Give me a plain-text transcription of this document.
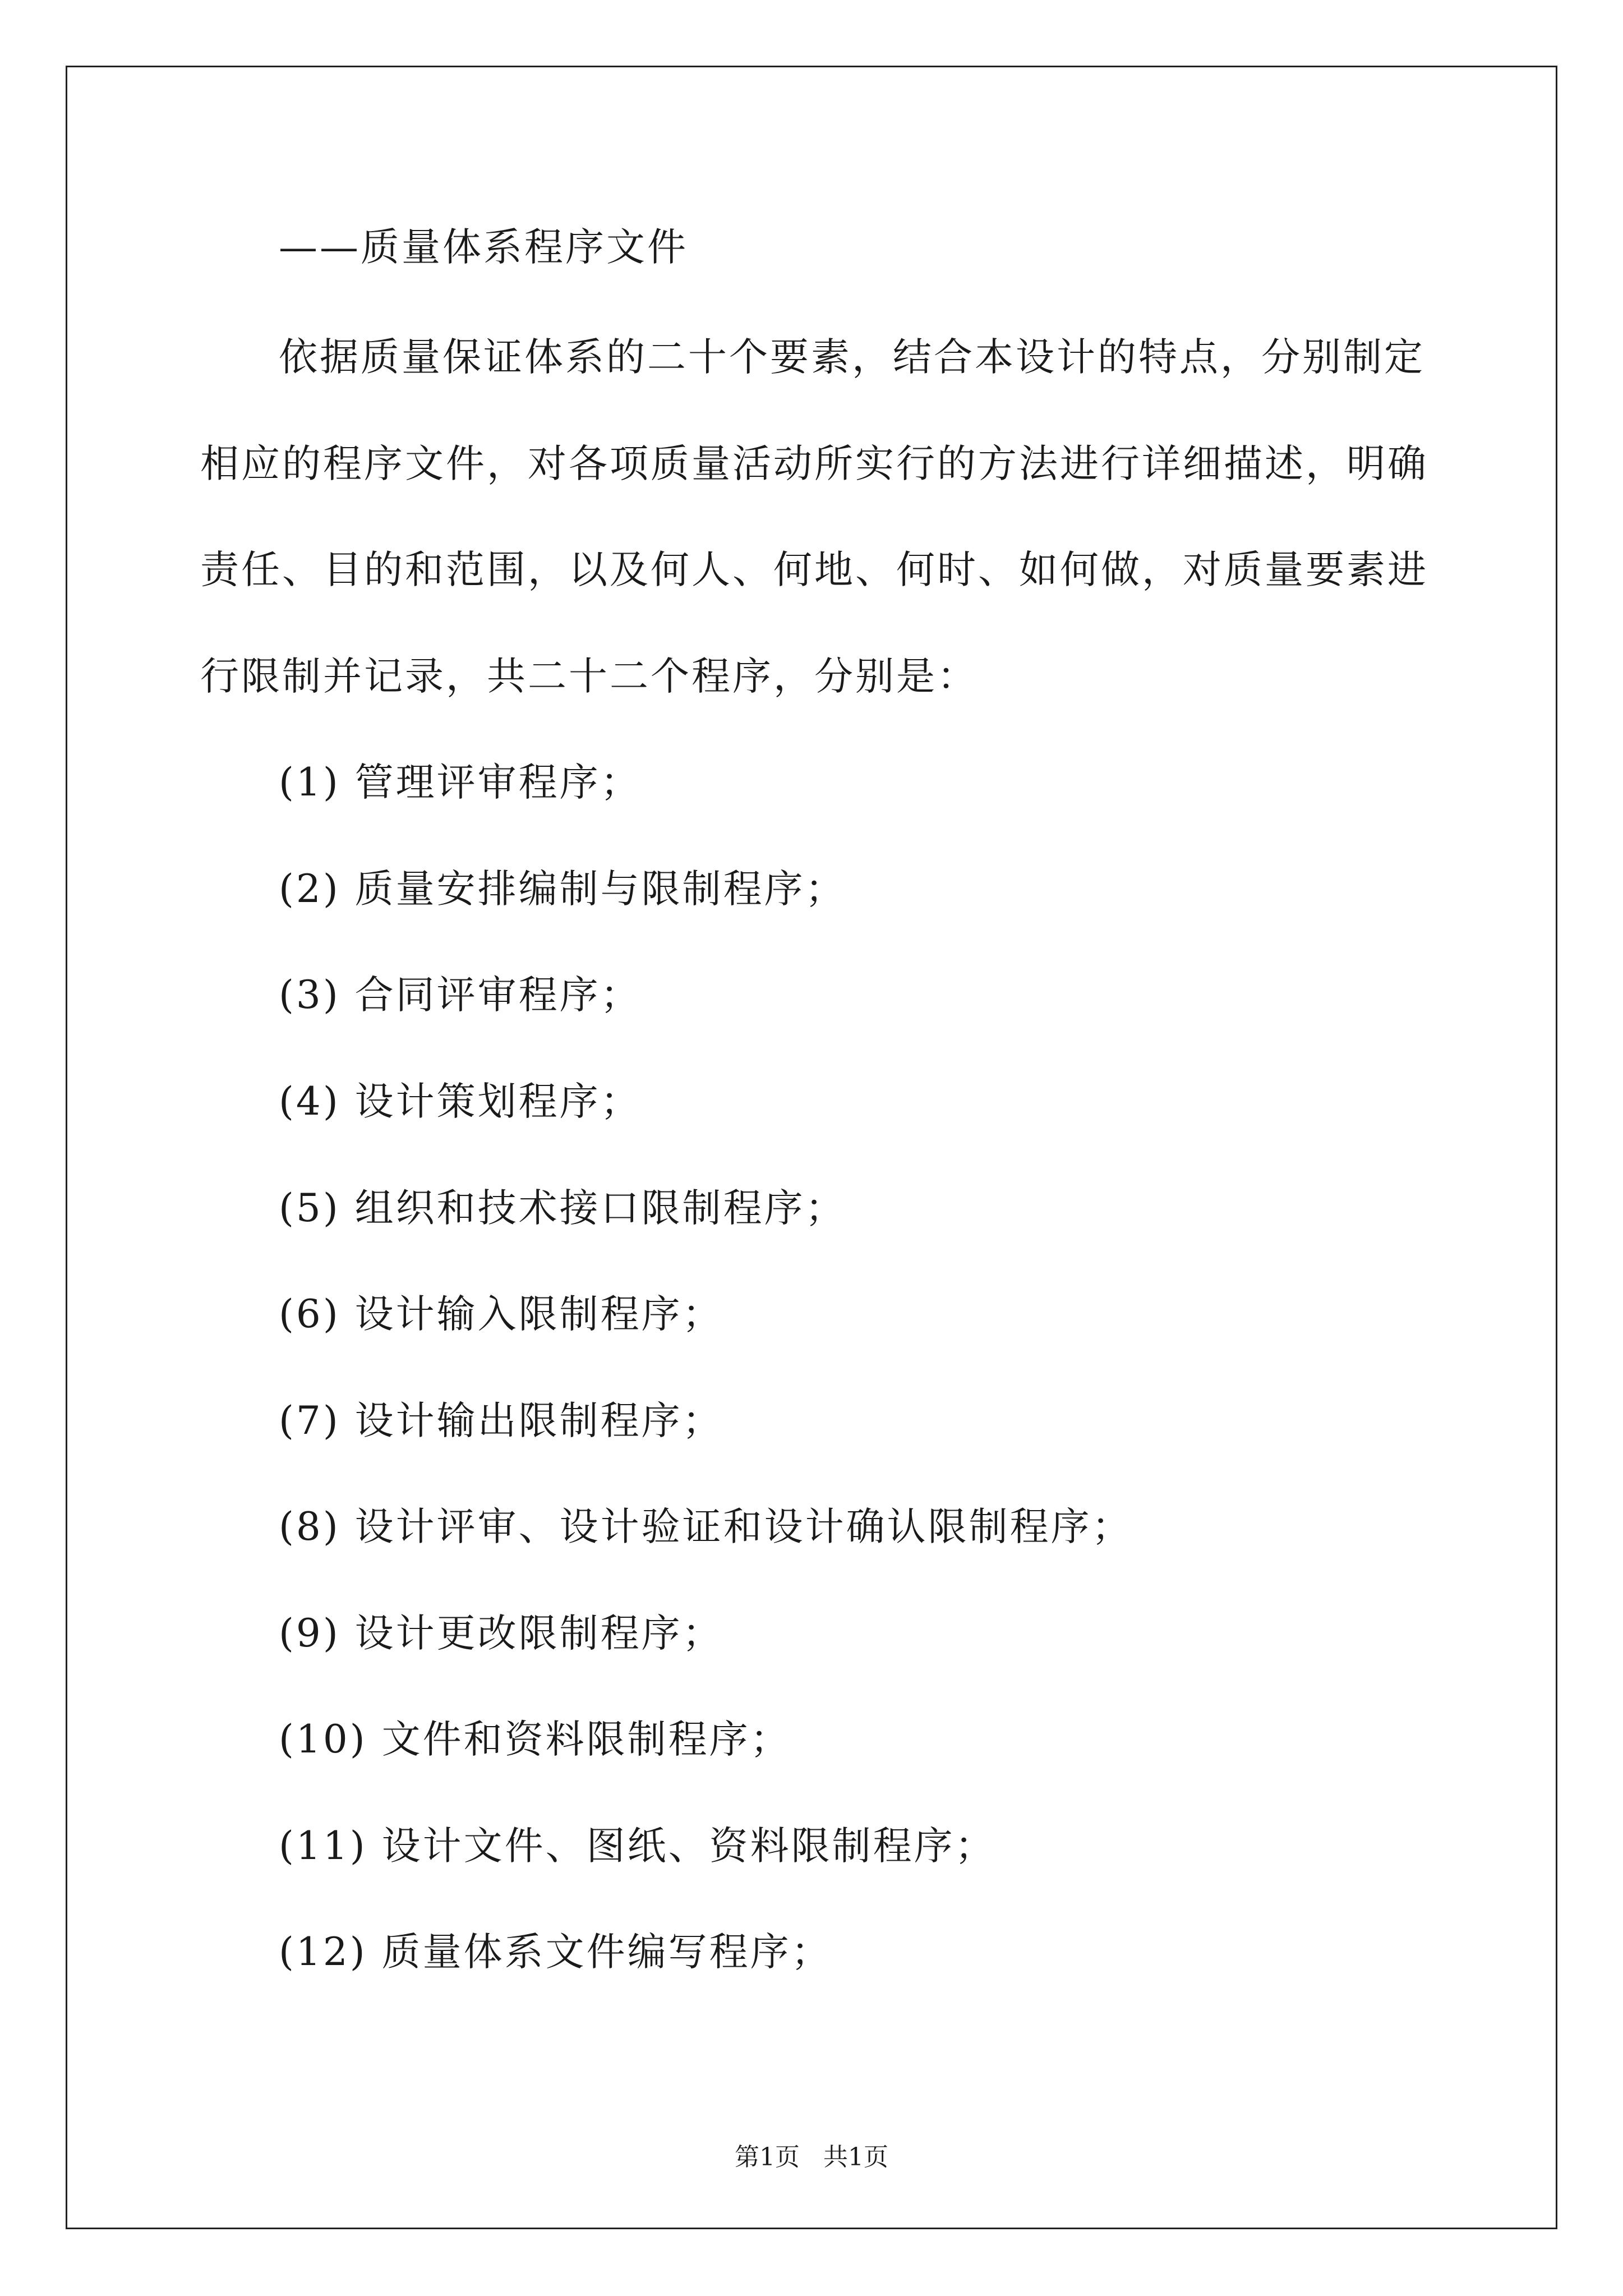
——质量体系程序文件
依据质量保证体系的二十个要素，结合本设计的特点，分别制定
相应的程序文件，对各项质量活动所实行的方法进行详细描述，明确
责任、目的和范围，以及何人、何地、何时、如何做，对质量要素进
行限制并记录，共二十二个程序，分别是：
(1) 管理评审程序；
(2) 质量安排编制与限制程序；
(3) 合同评审程序；
(4) 设计策划程序；
(5) 组织和技术接口限制程序；
(6) 设计输入限制程序；
(7) 设计输出限制程序；
(8) 设计评审、设计验证和设计确认限制程序；
(9) 设计更改限制程序；
(10) 文件和资料限制程序；
(11) 设计文件、图纸、资料限制程序；
(12) 质量体系文件编写程序；
第1页   共1页
